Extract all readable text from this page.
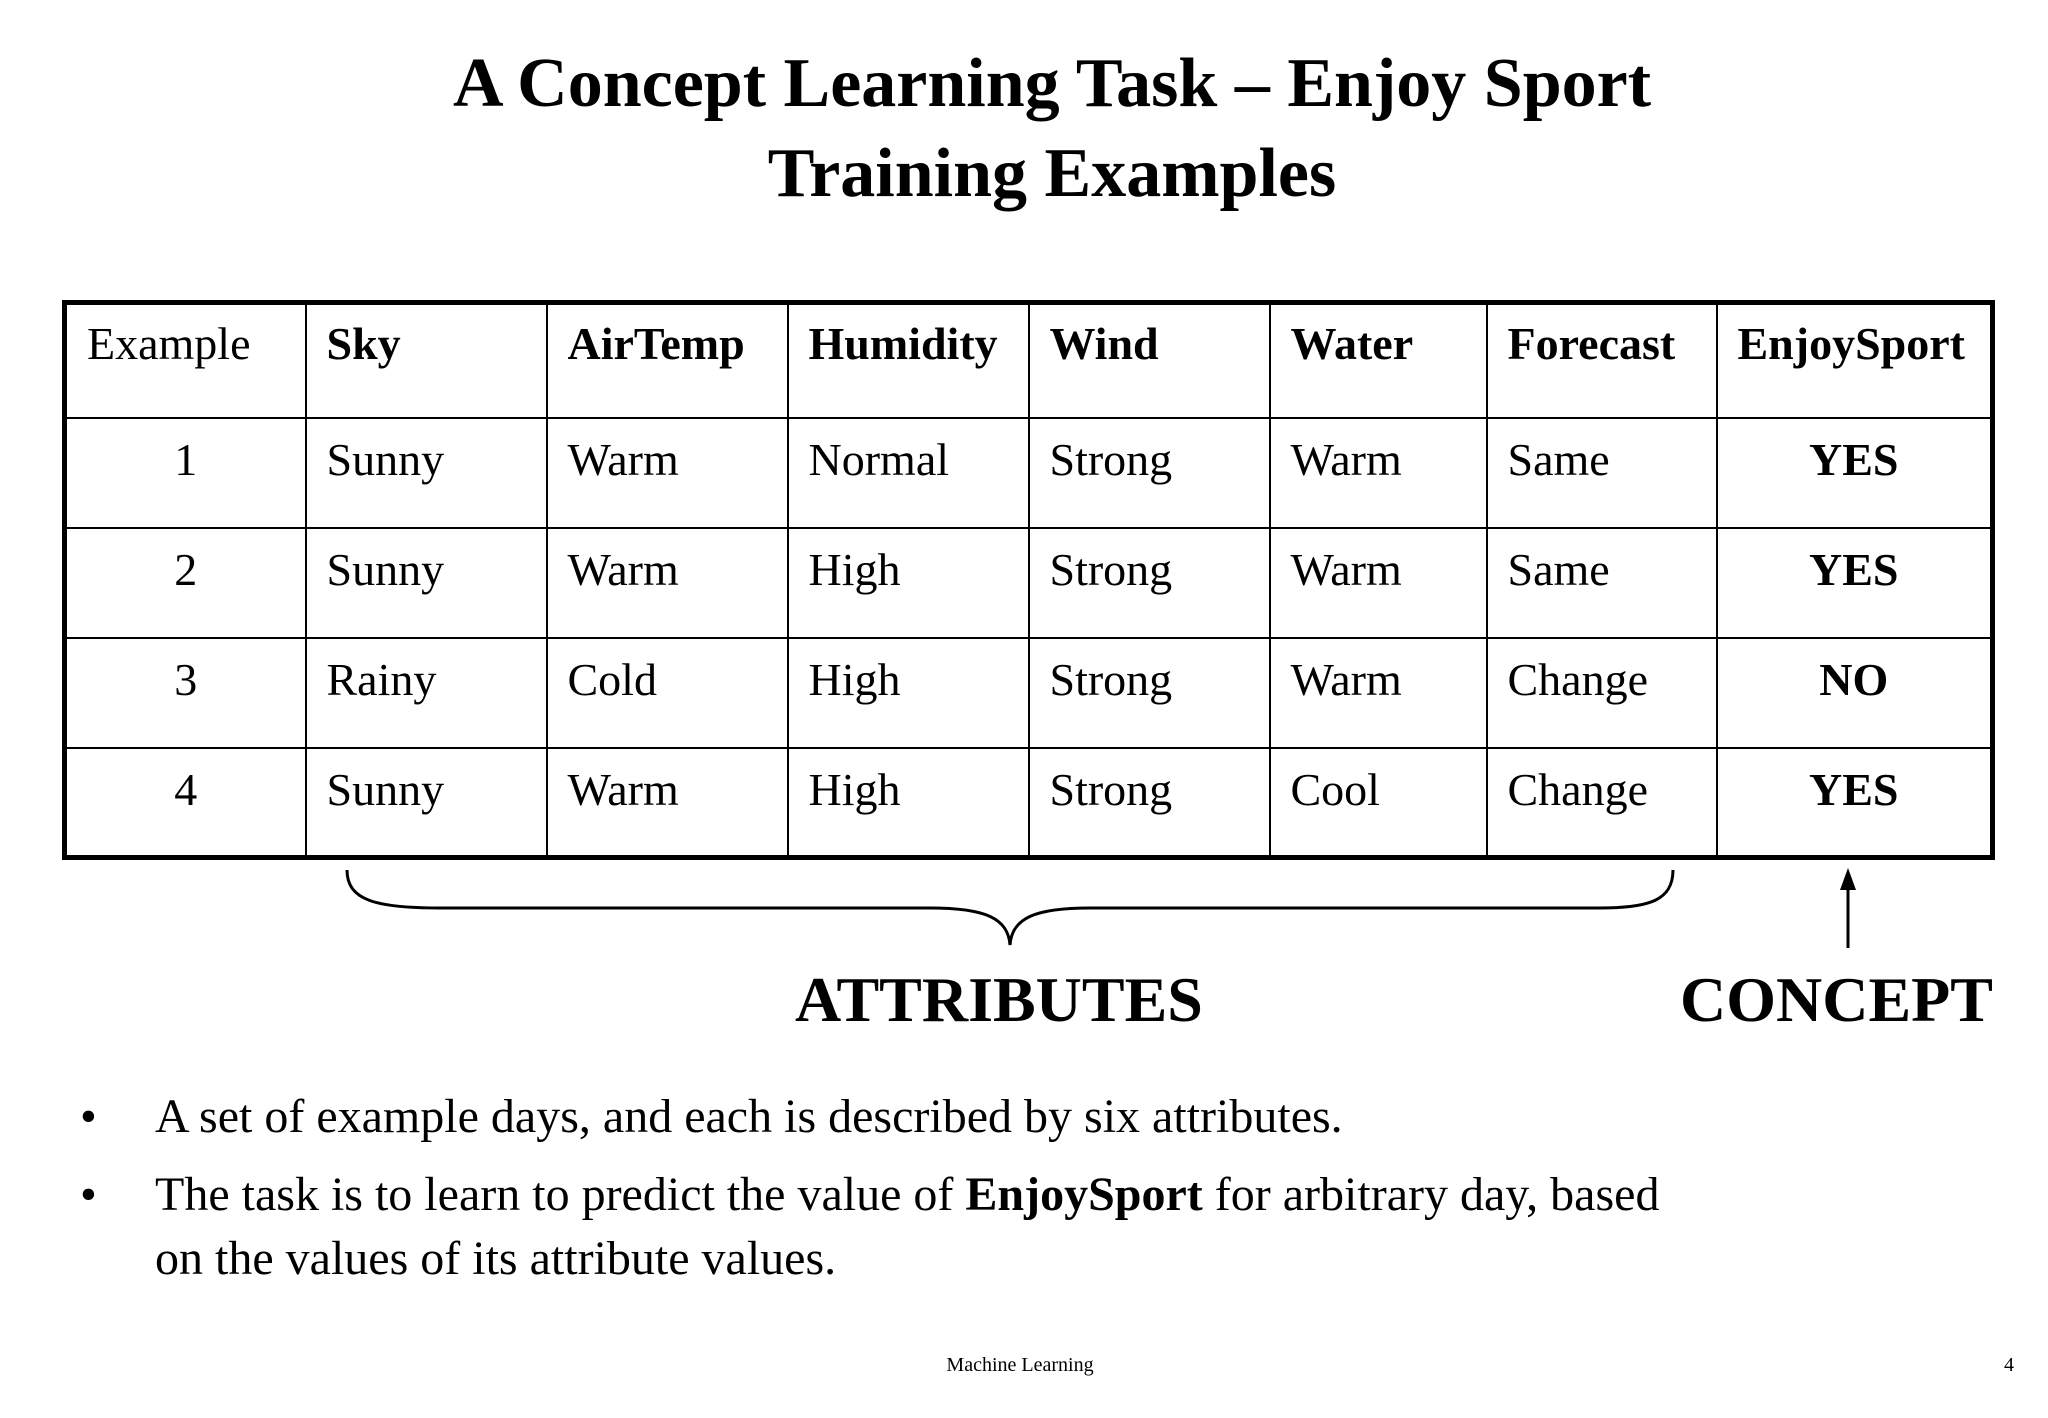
A Concept Learning Task – Enjoy Sport
Training Examples
Example	Sky	AirTemp	Humidity	Wind	Water	Forecast	EnjoySport
1	Sunny	Warm	Normal	Strong	Warm	Same	YES
2	Sunny	Warm	High	Strong	Warm	Same	YES
3	Rainy	Cold	High	Strong	Warm	Change	NO
4	Sunny	Warm	High	Strong	Cool	Change	YES
ATTRIBUTES	CONCEPT
• A set of example days, and each is described by six attributes.
• The task is to learn to predict the value of EnjoySport for arbitrary day, based on the values of its attribute values.
Machine Learning	4
